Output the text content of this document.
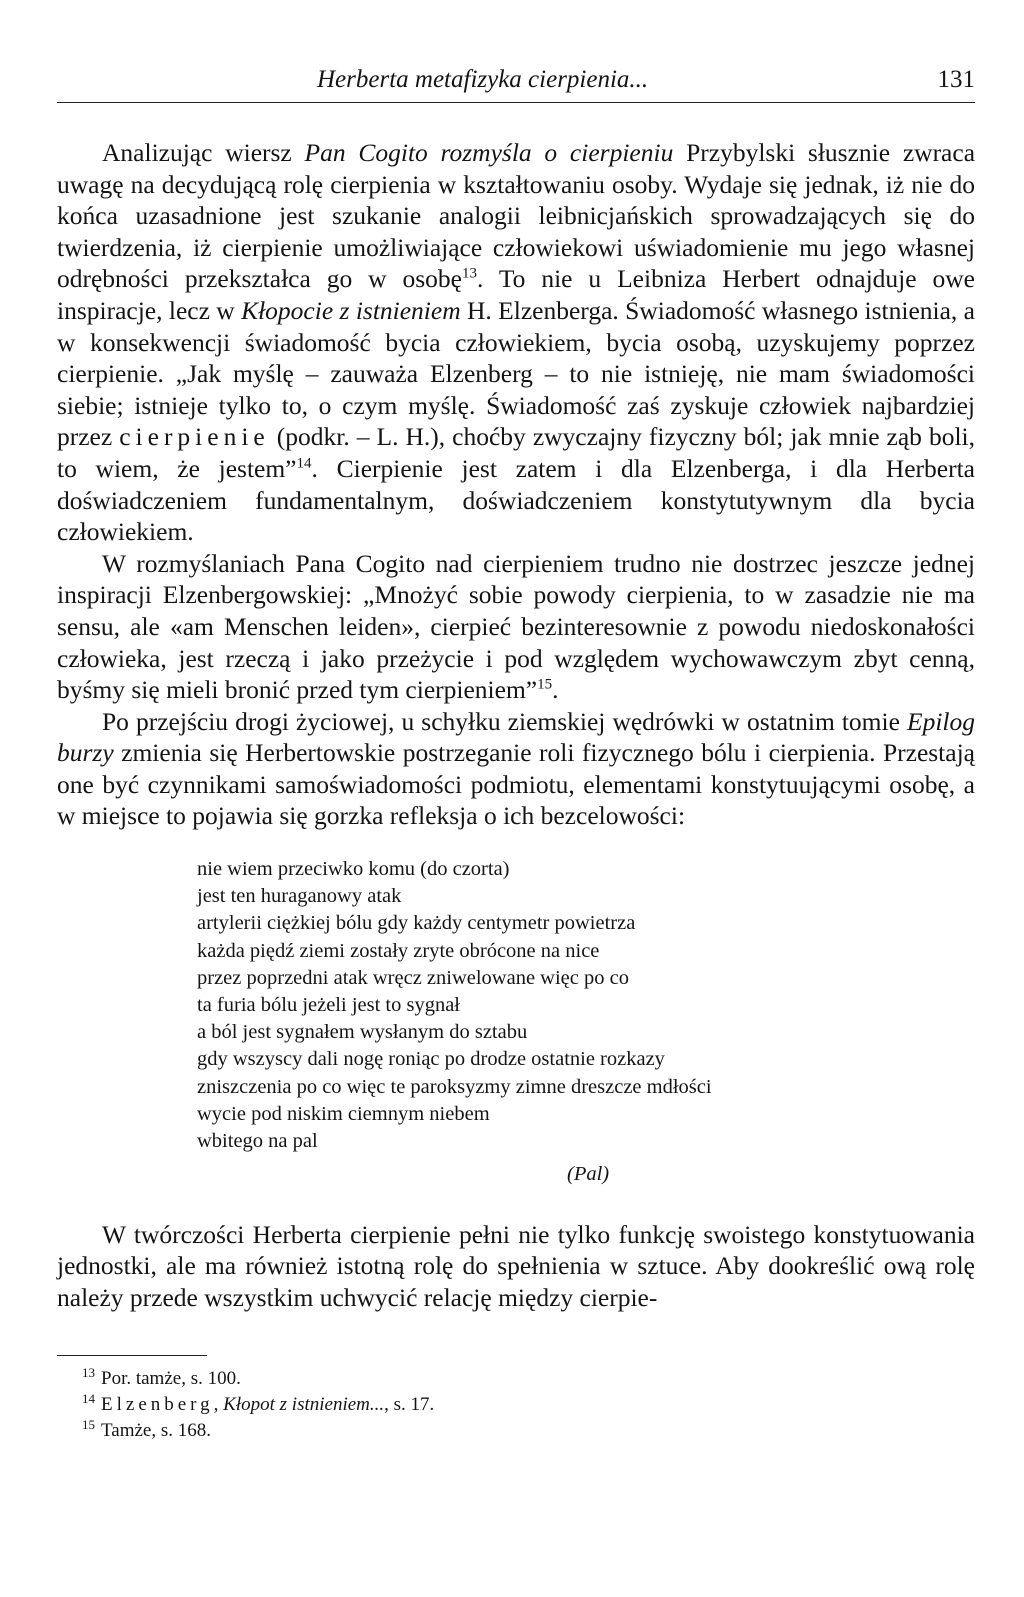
Herberta metafizyka cierpienia...	131

Analizując wiersz Pan Cogito rozmyśla o cierpieniu Przybylski słusznie zwraca uwagę na decydującą rolę cierpienia w kształtowaniu osoby. Wydaje się jednak, iż nie do końca uzasadnione jest szukanie analogii leibnicjańskich sprowadzających się do twierdzenia, iż cierpienie umożliwiające człowiekowi uświadomienie mu jego własnej odrębności przekształca go w osobę$^{13}$. To nie u Leibniza Herbert odnajduje owe inspiracje, lecz w Kłopocie z istnieniem H. Elzenberga. Świadomość własnego istnienia, a w konsekwencji świadomość bycia człowiekiem, bycia osobą, uzyskujemy poprzez cierpienie. „Jak myślę – zauważa Elzenberg – to nie istnieję, nie mam świadomości siebie; istnieje tylko to, o czym myślę. Świadomość zaś zyskuje człowiek najbardziej przez cierpienie (podkr. – L. H.), choćby zwyczajny fizyczny ból; jak mnie ząb boli, to wiem, że jestem”$^{14}$. Cierpienie jest zatem i dla Elzenberga, i dla Herberta doświadczeniem fundamentalnym, doświadczeniem konstytutywnym dla bycia człowiekiem.

W rozmyślaniach Pana Cogito nad cierpieniem trudno nie dostrzec jeszcze jednej inspiracji Elzenbergowskiej: „Mnożyć sobie powody cierpienia, to w zasadzie nie ma sensu, ale «am Menschen leiden», cierpieć bezinteresownie z powodu niedoskonałości człowieka, jest rzeczą i jako przeżycie i pod względem wychowawczym zbyt cenną, byśmy się mieli bronić przed tym cierpieniem”$^{15}$.

Po przejściu drogi życiowej, u schyłku ziemskiej wędrówki w ostatnim tomie Epilog burzy zmienia się Herbertowskie postrzeganie roli fizycznego bólu i cierpienia. Przestają one być czynnikami samoświadomości podmiotu, elementami konstytuującymi osobę, a w miejsce to pojawia się gorzka refleksja o ich bezcelowości:

nie wiem przeciwko komu (do czorta)
jest ten huraganowy atak
artylerii ciężkiej bólu gdy każdy centymetr powietrza
każda piędź ziemi zostały zryte obrócone na nice
przez poprzedni atak wręcz zniwelowane więc po co
ta furia bólu jeżeli jest to sygnał
a ból jest sygnałem wysłanym do sztabu
gdy wszyscy dali nogę roniąc po drodze ostatnie rozkazy
zniszczenia po co więc te paroksyzmy zimne dreszcze mdłości
wycie pod niskim ciemnym niebem
wbitego na pal
(Pal)

W twórczości Herberta cierpienie pełni nie tylko funkcję swoistego konstytuowania jednostki, ale ma również istotną rolę do spełnienia w sztuce. Aby dookreślić ową rolę należy przede wszystkim uchwycić relację między cierpie-

$^{13}$ Por. tamże, s. 100.
$^{14}$ Elzenberg, Kłopot z istnieniem..., s. 17.
$^{15}$ Tamże, s. 168.
